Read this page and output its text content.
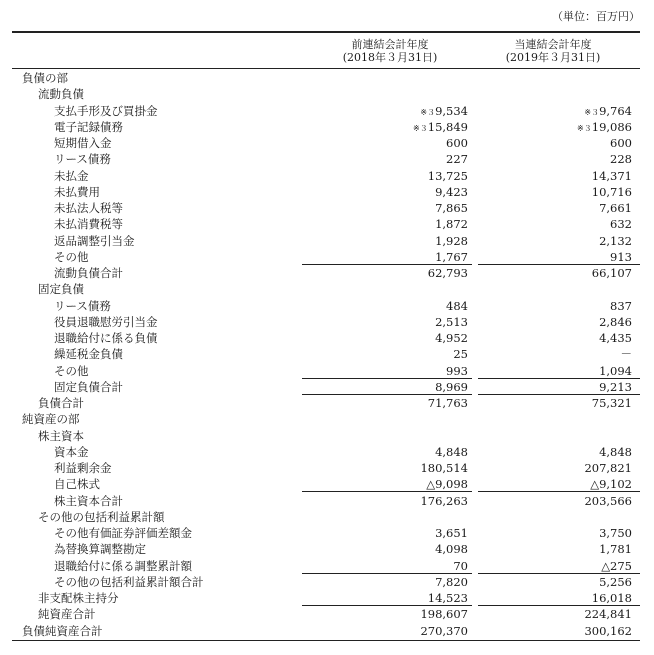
（単位：百万円）
前連結会計年度
(2018年３月31日)
当連結会計年度
(2019年３月31日)
負債の部
流動負債
支払手形及び買掛金	※３9,534	※３9,764
電子記録債務	※３15,849	※３19,086
短期借入金	600	600
リース債務	227	228
未払金	13,725	14,371
未払費用	9,423	10,716
未払法人税等	7,865	7,661
未払消費税等	1,872	632
返品調整引当金	1,928	2,132
その他	1,767	913
流動負債合計	62,793	66,107
固定負債
リース債務	484	837
役員退職慰労引当金	2,513	2,846
退職給付に係る負債	4,952	4,435
繰延税金負債	25	－
その他	993	1,094
固定負債合計	8,969	9,213
負債合計	71,763	75,321
純資産の部
株主資本
資本金	4,848	4,848
利益剰余金	180,514	207,821
自己株式	△9,098	△9,102
株主資本合計	176,263	203,566
その他の包括利益累計額
その他有価証券評価差額金	3,651	3,750
為替換算調整勘定	4,098	1,781
退職給付に係る調整累計額	70	△275
その他の包括利益累計額合計	7,820	5,256
非支配株主持分	14,523	16,018
純資産合計	198,607	224,841
負債純資産合計	270,370	300,162
